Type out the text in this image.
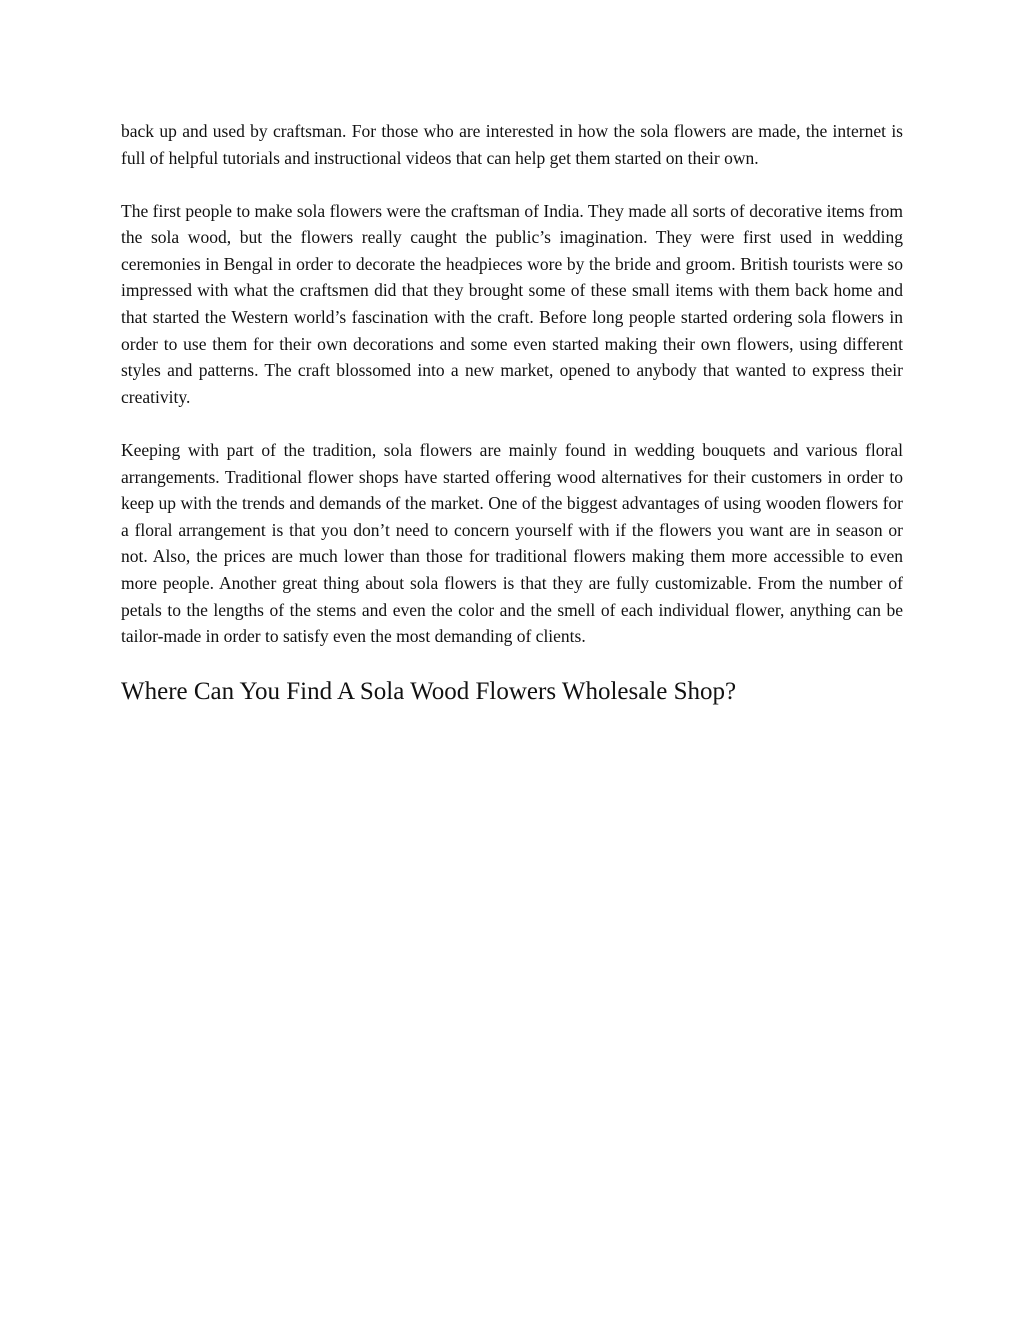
back up and used by craftsman. For those who are interested in how the sola flowers are made, the internet is full of helpful tutorials and instructional videos that can help get them started on their own.

The first people to make sola flowers were the craftsman of India. They made all sorts of decorative items from the sola wood, but the flowers really caught the public’s imagination. They were first used in wedding ceremonies in Bengal in order to decorate the headpieces wore by the bride and groom. British tourists were so impressed with what the craftsmen did that they brought some of these small items with them back home and that started the Western world’s fascination with the craft. Before long people started ordering sola flowers in order to use them for their own decorations and some even started making their own flowers, using different styles and patterns. The craft blossomed into a new market, opened to anybody that wanted to express their creativity.

Keeping with part of the tradition, sola flowers are mainly found in wedding bouquets and various floral arrangements. Traditional flower shops have started offering wood alternatives for their customers in order to keep up with the trends and demands of the market. One of the biggest advantages of using wooden flowers for a floral arrangement is that you don’t need to concern yourself with if the flowers you want are in season or not. Also, the prices are much lower than those for traditional flowers making them more accessible to even more people. Another great thing about sola flowers is that they are fully customizable. From the number of petals to the lengths of the stems and even the color and the smell of each individual flower, anything can be tailor-made in order to satisfy even the most demanding of clients.

Where Can You Find A Sola Wood Flowers Wholesale Shop?
